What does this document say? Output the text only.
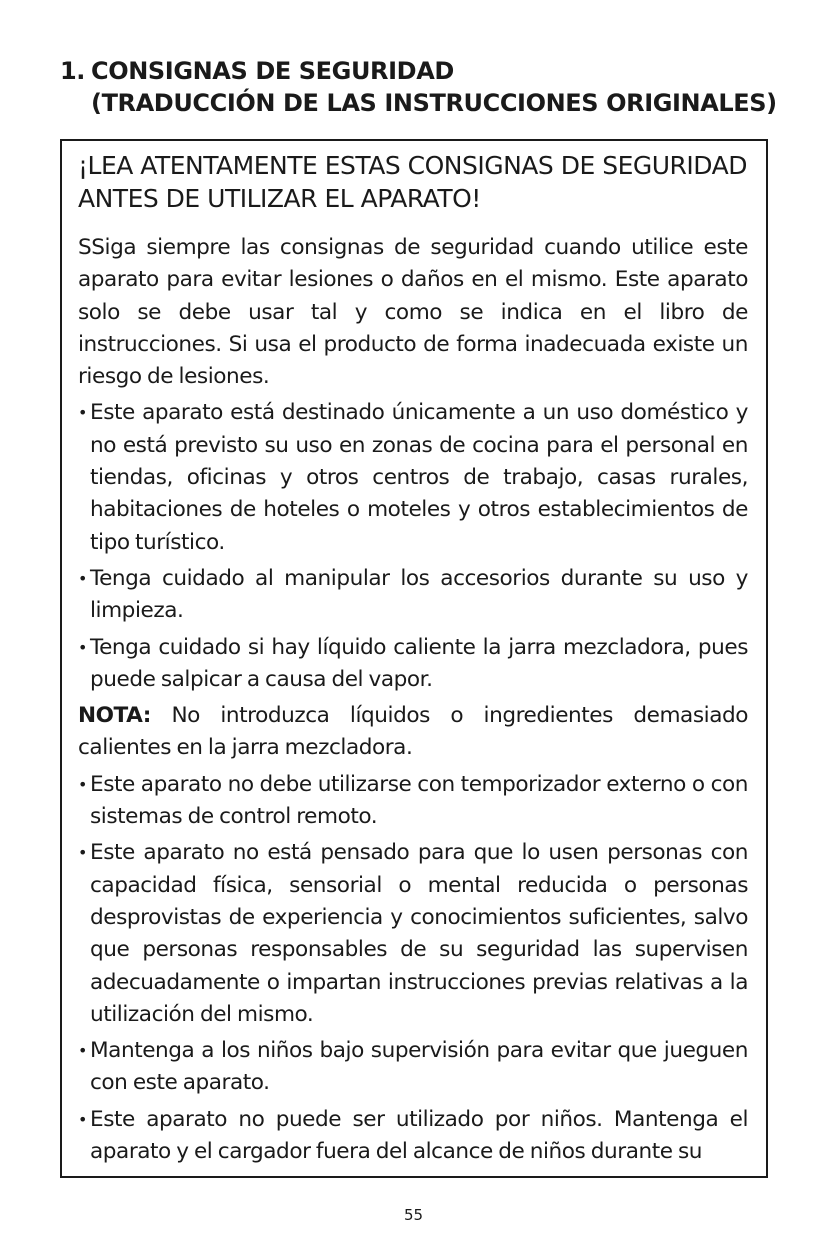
1. CONSIGNAS DE SEGURIDAD
(TRADUCCIÓN DE LAS INSTRUCCIONES ORIGINALES)

¡LEA ATENTAMENTE ESTAS CONSIGNAS DE SEGURIDAD ANTES DE UTILIZAR EL APARATO!

SSiga siempre las consignas de seguridad cuando utilice este aparato para evitar lesiones o daños en el mismo. Este aparato solo se debe usar tal y como se indica en el libro de instrucciones. Si usa el producto de forma inadecuada existe un riesgo de lesiones.

• Este aparato está destinado únicamente a un uso doméstico y no está previsto su uso en zonas de cocina para el personal en tiendas, oficinas y otros centros de trabajo, casas rurales, habitaciones de hoteles o moteles y otros establecimientos de tipo turístico.
• Tenga cuidado al manipular los accesorios durante su uso y limpieza.
• Tenga cuidado si hay líquido caliente la jarra mezcladora, pues puede salpicar a causa del vapor.

NOTA: No introduzca líquidos o ingredientes demasiado calientes en la jarra mezcladora.

• Este aparato no debe utilizarse con temporizador externo o con sistemas de control remoto.
• Este aparato no está pensado para que lo usen personas con capacidad física, sensorial o mental reducida o personas desprovistas de experiencia y conocimientos suficientes, salvo que personas responsables de su seguridad las supervisen adecuadamente o impartan instrucciones previas relativas a la utilización del mismo.
• Mantenga a los niños bajo supervisión para evitar que jueguen con este aparato.
• Este aparato no puede ser utilizado por niños. Mantenga el aparato y el cargador fuera del alcance de niños durante su
55
